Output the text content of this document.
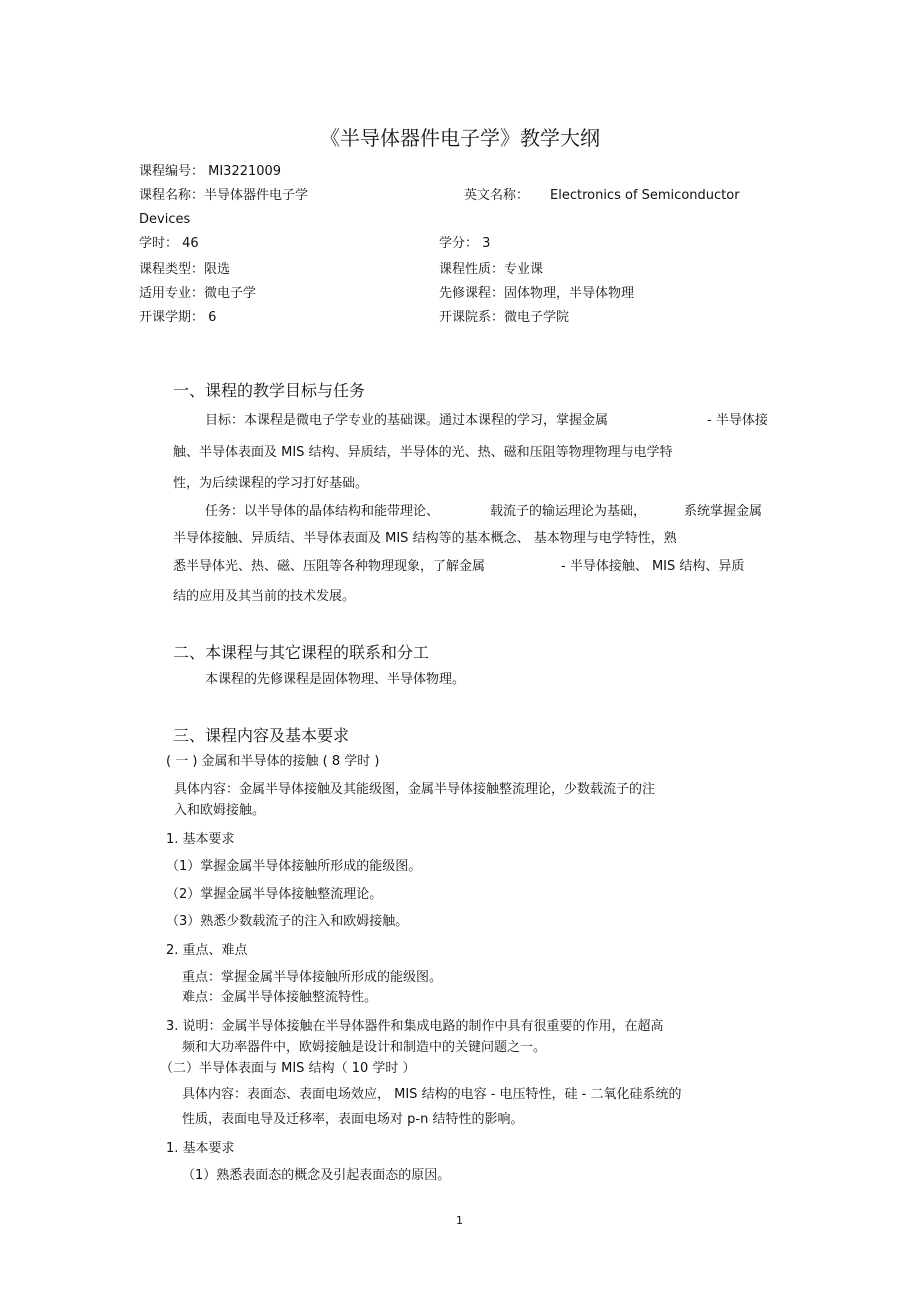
《半导体器件电子学》教学大纲
课程编号： MI3221009
课程名称：半导体器件电子学	英文名称： Electronics of Semiconductor
Devices
学时： 46	学分： 3
课程类型：限选	课程性质：专业课
适用专业：微电子学	先修课程：固体物理，半导体物理
开课学期： 6	开课院系：微电子学院
一、课程的教学目标与任务
目标：本课程是微电子学专业的基础课。通过本课程的学习，掌握金属	- 半导体接
触、半导体表面及 MIS 结构、异质结，半导体的光、热、磁和压阻等物理物理与电学特
性，为后续课程的学习打好基础。
任务：以半导体的晶体结构和能带理论、	载流子的输运理论为基础，	系统掌握金属
半导体接触、异质结、半导体表面及 MIS 结构等的基本概念、 基本物理与电学特性，熟
悉半导体光、热、磁、压阻等各种物理现象，了解金属	- 半导体接触、 MIS 结构、异质
结的应用及其当前的技术发展。
二、本课程与其它课程的联系和分工
本课程的先修课程是固体物理、半导体物理。
三、课程内容及基本要求
( 一 ) 金属和半导体的接触 ( 8 学时 )
具体内容：金属半导体接触及其能级图，金属半导体接触整流理论，少数载流子的注
入和欧姆接触。
1. 基本要求
（1）掌握金属半导体接触所形成的能级图。
（2）掌握金属半导体接触整流理论。
（3）熟悉少数载流子的注入和欧姆接触。
2. 重点、难点
重点：掌握金属半导体接触所形成的能级图。
难点：金属半导体接触整流特性。
3. 说明：金属半导体接触在半导体器件和集成电路的制作中具有很重要的作用，在超高
频和大功率器件中，欧姆接触是设计和制造中的关键问题之一。
（二）半导体表面与 MIS 结构（ 10 学时 ）
具体内容：表面态、表面电场效应， MIS 结构的电容 - 电压特性，硅 - 二氧化硅系统的
性质，表面电导及迁移率，表面电场对 p-n 结特性的影响。
1. 基本要求
（1）熟悉表面态的概念及引起表面态的原因。
1
